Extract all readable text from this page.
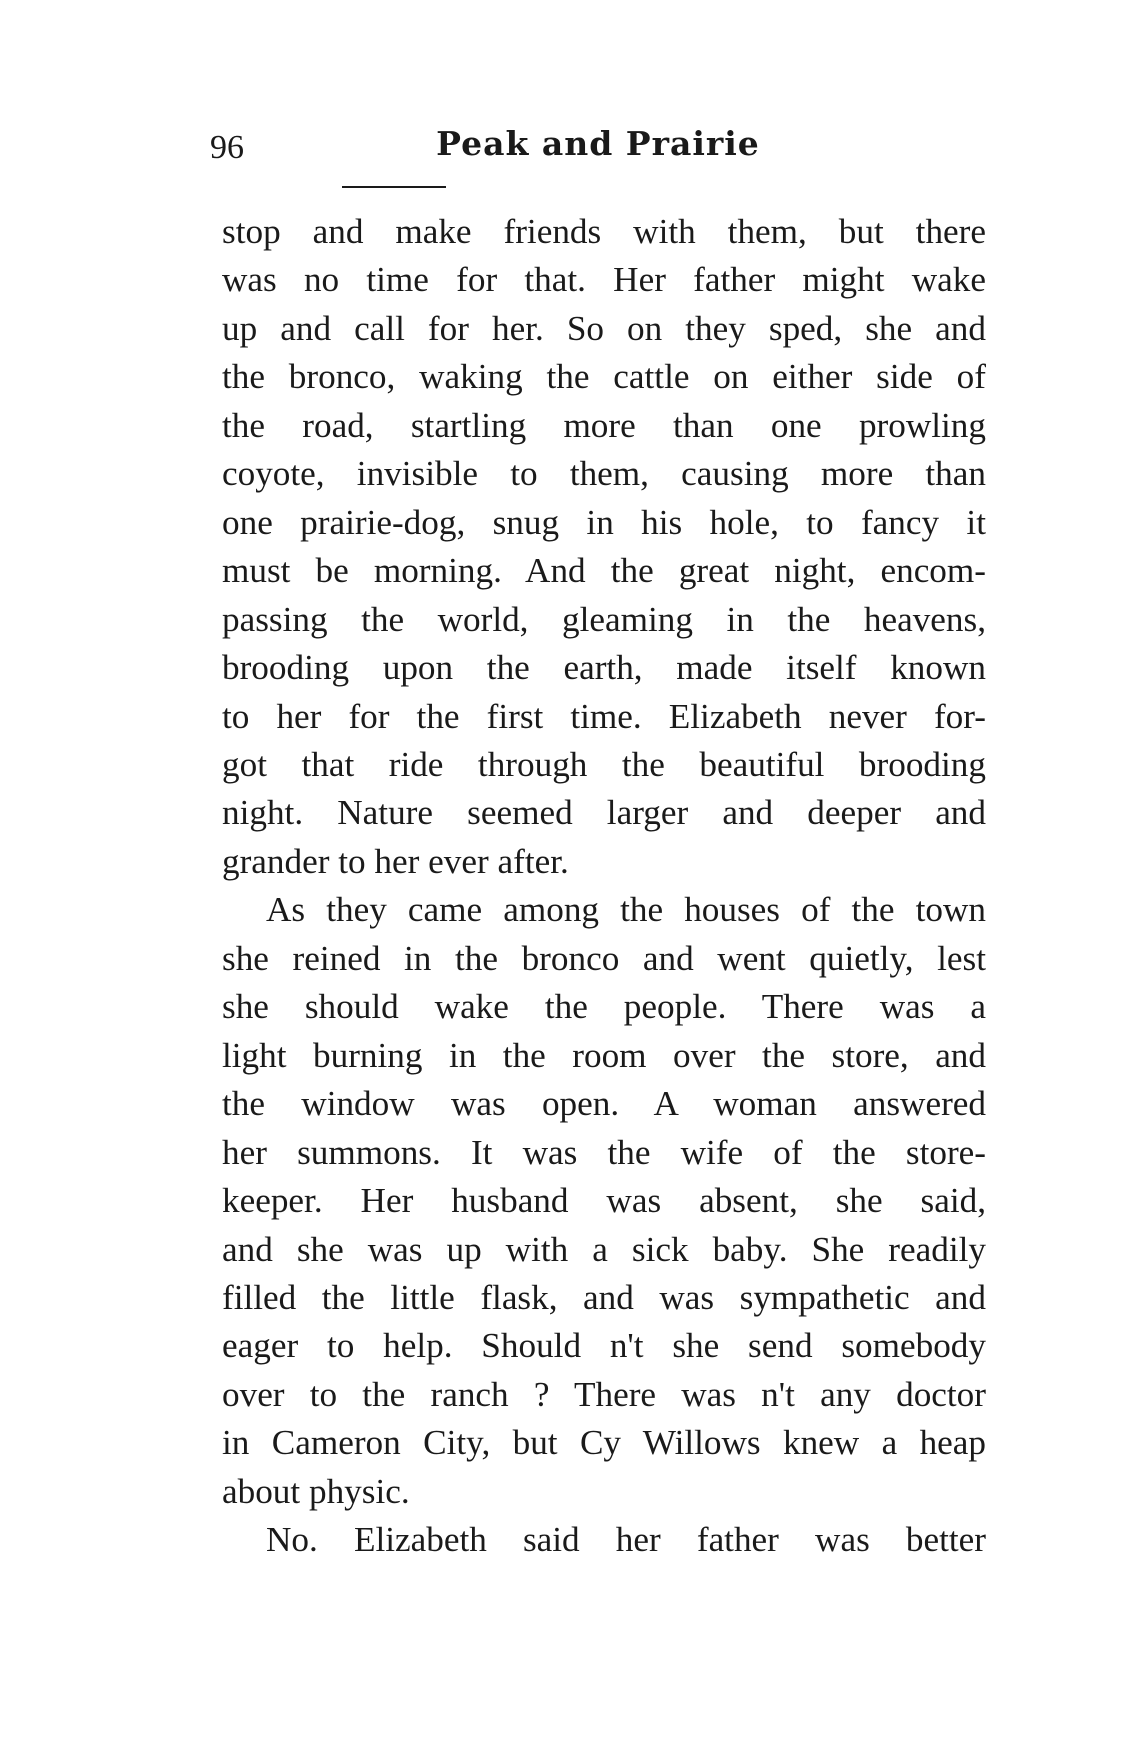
96	Peak and Prairie
stop and make friends with them, but there
was no time for that. Her father might wake
up and call for her. So on they sped, she and
the bronco, waking the cattle on either side of
the road, startling more than one prowling
coyote, invisible to them, causing more than
one prairie-dog, snug in his hole, to fancy it
must be morning. And the great night, encom-
passing the world, gleaming in the heavens,
brooding upon the earth, made itself known
to her for the first time. Elizabeth never for-
got that ride through the beautiful brooding
night. Nature seemed larger and deeper and
grander to her ever after.
As they came among the houses of the town
she reined in the bronco and went quietly, lest
she should wake the people. There was a
light burning in the room over the store, and
the window was open. A woman answered
her summons. It was the wife of the store-
keeper. Her husband was absent, she said,
and she was up with a sick baby. She readily
filled the little flask, and was sympathetic and
eager to help. Should n't she send somebody
over to the ranch ? There was n't any doctor
in Cameron City, but Cy Willows knew a heap
about physic.
No. Elizabeth said her father was better
